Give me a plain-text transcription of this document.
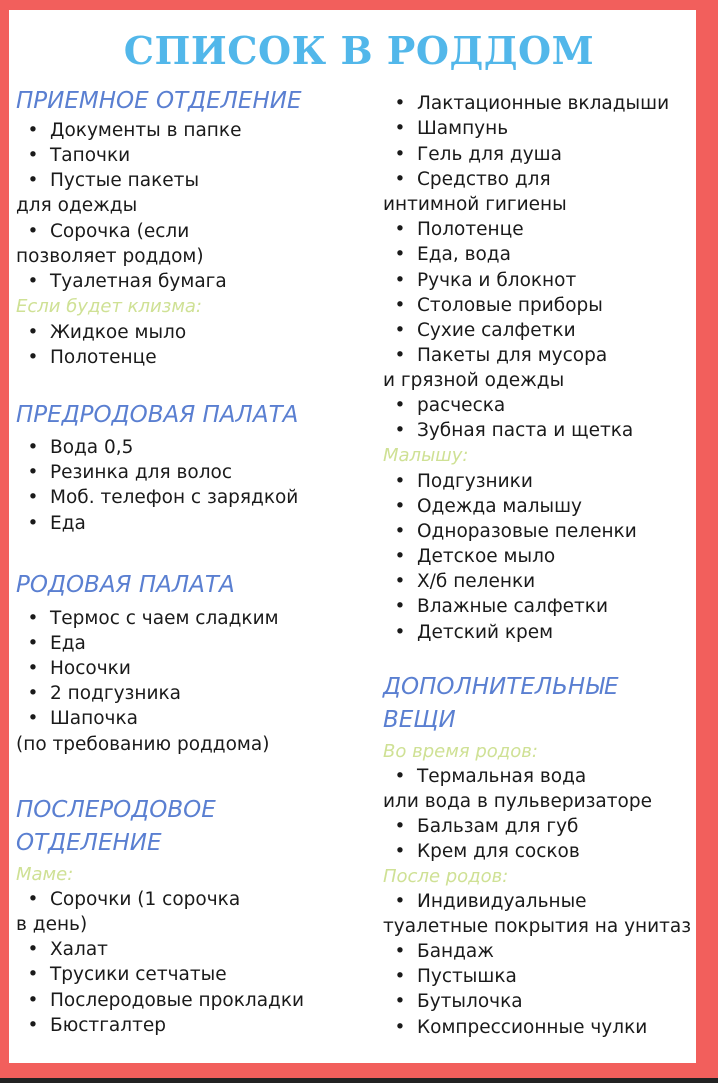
СПИСОК В РОДДОМ
ПРИЕМНОЕ ОТДЕЛЕНИЕ
• Документы в папке
• Тапочки
• Пустые пакеты
для одежды
• Сорочка (если
позволяет роддом)
• Туалетная бумага
Если будет клизма:
• Жидкое мыло
• Полотенце
ПРЕДРОДОВАЯ ПАЛАТА
• Вода 0,5
• Резинка для волос
• Моб. телефон с зарядкой
• Еда
РОДОВАЯ ПАЛАТА
• Термос с чаем сладким
• Еда
• Носочки
• 2 подгузника
• Шапочка
(по требованию роддома)
ПОСЛЕРОДОВОЕ
ОТДЕЛЕНИЕ
Маме:
• Сорочки (1 сорочка
в день)
• Халат
• Трусики сетчатые
• Послеродовые прокладки
• Бюстгалтер
• Лактационные вкладыши
• Шампунь
• Гель для душа
• Средство для
интимной гигиены
• Полотенце
• Еда, вода
• Ручка и блокнот
• Столовые приборы
• Сухие салфетки
• Пакеты для мусора
и грязной одежды
• расческа
• Зубная паста и щетка
Малышу:
• Подгузники
• Одежда малышу
• Одноразовые пеленки
• Детское мыло
• Х/б пеленки
• Влажные салфетки
• Детский крем
ДОПОЛНИТЕЛЬНЫЕ
ВЕЩИ
Во время родов:
• Термальная вода
или вода в пульверизаторе
• Бальзам для губ
• Крем для сосков
После родов:
• Индивидуальные
туалетные покрытия на унитаз
• Бандаж
• Пустышка
• Бутылочка
• Компрессионные чулки
